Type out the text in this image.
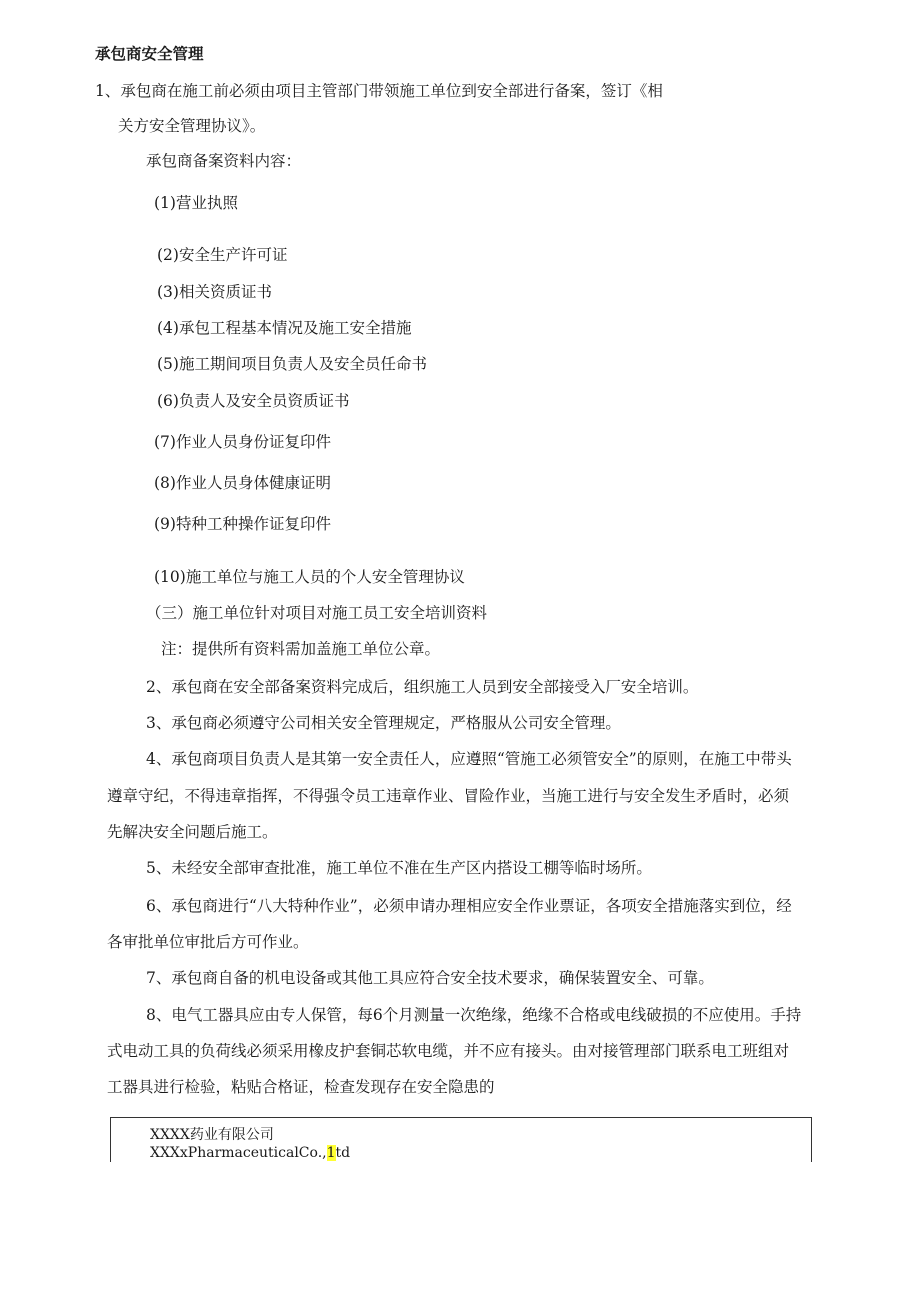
承包商安全管理
1、承包商在施工前必须由项目主管部门带领施工单位到安全部进行备案，签订《相
关方安全管理协议》。
承包商备案资料内容：
(1)营业执照
(2)安全生产许可证
(3)相关资质证书
(4)承包工程基本情况及施工安全措施
(5)施工期间项目负责人及安全员任命书
(6)负责人及安全员资质证书
(7)作业人员身份证复印件
(8)作业人员身体健康证明
(9)特种工种操作证复印件
(10)施工单位与施工人员的个人安全管理协议
（三）施工单位针对项目对施工员工安全培训资料
注：提供所有资料需加盖施工单位公章。
2、承包商在安全部备案资料完成后，组织施工人员到安全部接受入厂安全培训。
3、承包商必须遵守公司相关安全管理规定，严格服从公司安全管理。
4、承包商项目负责人是其第一安全责任人，应遵照“管施工必须管安全”的原则，在施工中带头
遵章守纪，不得违章指挥，不得强令员工违章作业、冒险作业，当施工进行与安全发生矛盾时，必须
先解决安全问题后施工。
5、未经安全部审查批准，施工单位不准在生产区内搭设工棚等临时场所。
6、承包商进行“八大特种作业”，必须申请办理相应安全作业票证，各项安全措施落实到位，经
各审批单位审批后方可作业。
7、承包商自备的机电设备或其他工具应符合安全技术要求，确保装置安全、可靠。
8、电气工器具应由专人保管，每6个月测量一次绝缘，绝缘不合格或电线破损的不应使用。手持
式电动工具的负荷线必须采用橡皮护套铜芯软电缆，并不应有接头。由对接管理部门联系电工班组对
工器具进行检验，粘贴合格证，检查发现存在安全隐患的
XXXX药业有限公司
XXXxPharmaceuticalCo.,1td
